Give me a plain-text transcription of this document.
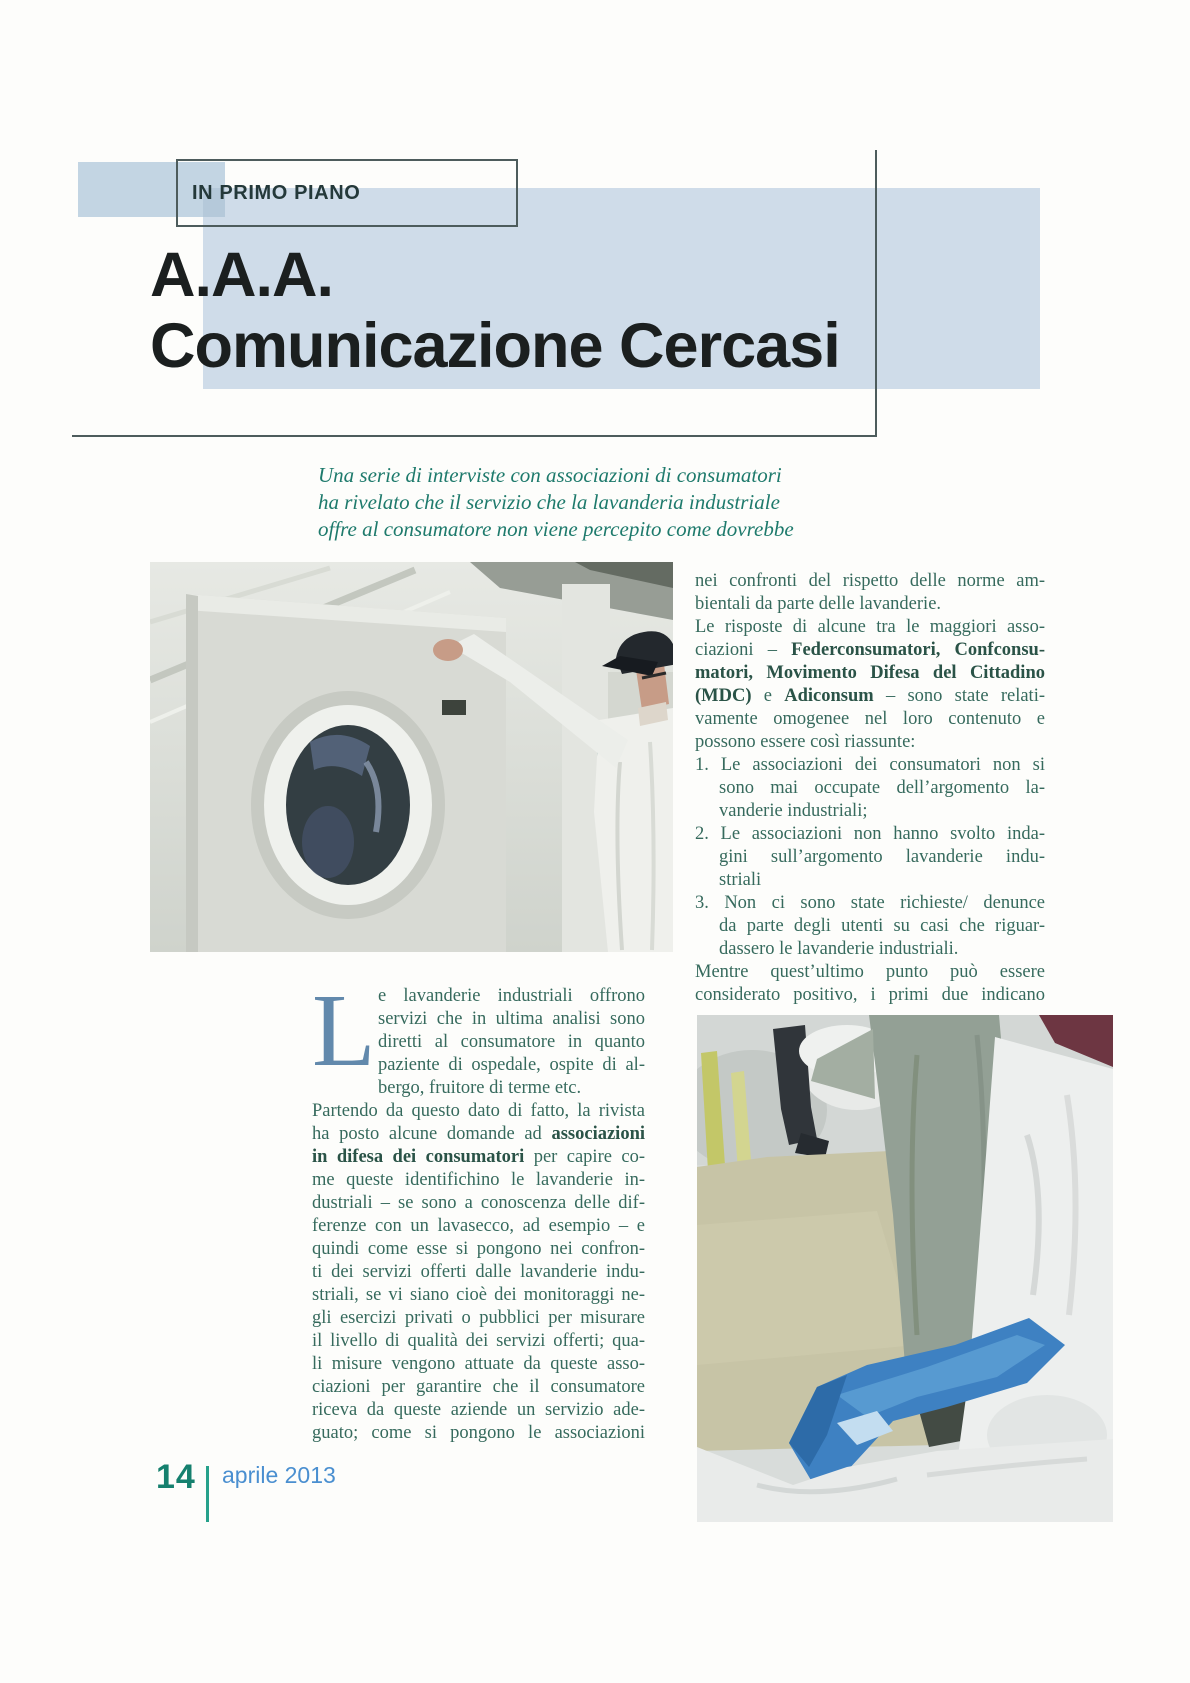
IN PRIMO PIANO
A.A.A.
Comunicazione Cercasi
Una serie di interviste con associazioni di consumatori
ha rivelato che il servizio che la lavanderia industriale
offre al consumatore non viene percepito come dovrebbe
nei confronti del rispetto delle norme am-
bientali da parte delle lavanderie.
Le risposte di alcune tra le maggiori asso-
ciazioni – Federconsumatori, Confconsu-
matori, Movimento Difesa del Cittadino
(MDC) e Adiconsum – sono state relati-
vamente omogenee nel loro contenuto e
possono essere così riassunte:
1. Le associazioni dei consumatori non si
sono mai occupate dell’argomento la-
vanderie industriali;
2. Le associazioni non hanno svolto inda-
gini sull’argomento lavanderie indu-
striali
3. Non ci sono state richieste/ denunce
da parte degli utenti su casi che riguar-
dassero le lavanderie industriali.
Mentre quest’ultimo punto può essere
considerato positivo, i primi due indicano
L e lavanderie industriali offrono
servizi che in ultima analisi sono
diretti al consumatore in quanto
paziente di ospedale, ospite di al-
bergo, fruitore di terme etc.
Partendo da questo dato di fatto, la rivista
ha posto alcune domande ad associazioni
in difesa dei consumatori per capire co-
me queste identifichino le lavanderie in-
dustriali – se sono a conoscenza delle dif-
ferenze con un lavasecco, ad esempio – e
quindi come esse si pongono nei confron-
ti dei servizi offerti dalle lavanderie indu-
striali, se vi siano cioè dei monitoraggi ne-
gli esercizi privati o pubblici per misurare
il livello di qualità dei servizi offerti; qua-
li misure vengono attuate da queste asso-
ciazioni per garantire che il consumatore
riceva da queste aziende un servizio ade-
guato; come si pongono le associazioni
14 aprile 2013
